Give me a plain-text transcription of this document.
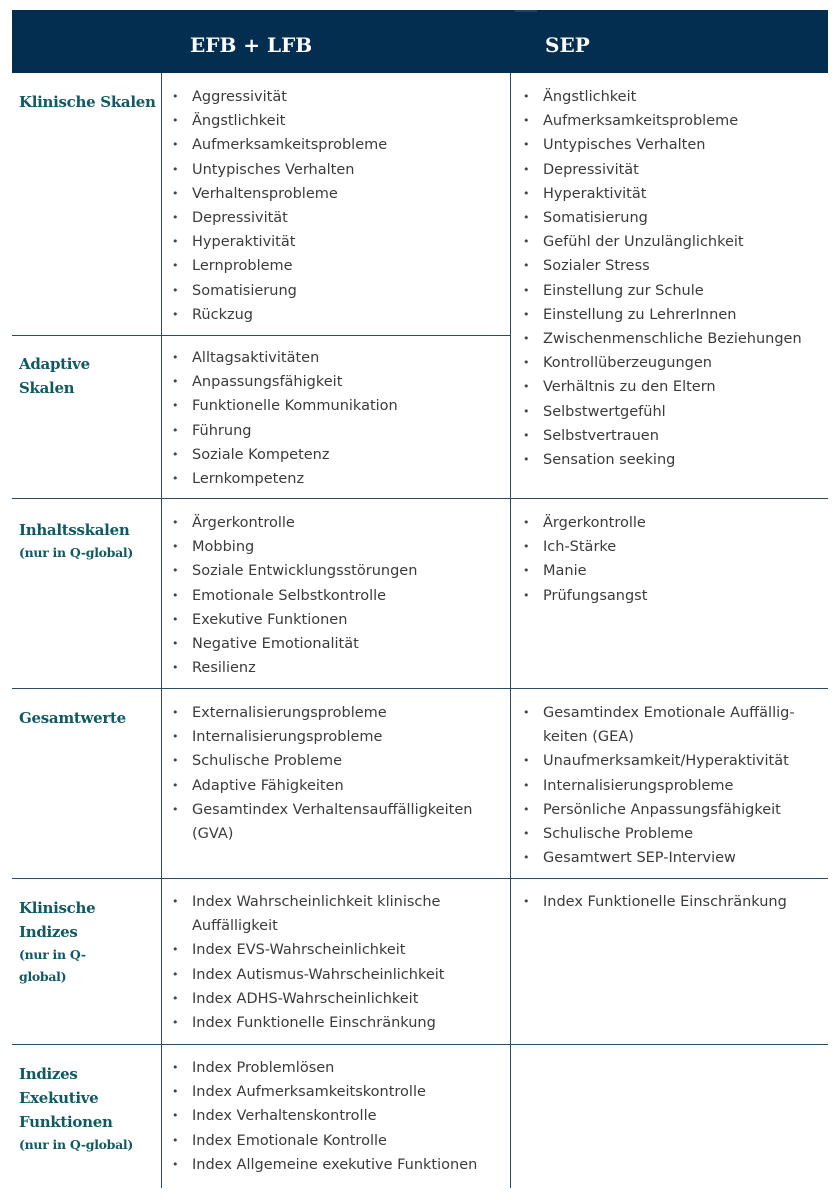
EFB + LFB	SEP
Klinische Skalen
Adaptive Skalen
Inhaltsskalen
(nur in Q-global)
Gesamtwerte
Klinische Indizes
(nur in Q-global)
Indizes Exekutive Funktionen
(nur in Q-global)
• Aggressivität
• Ängstlichkeit
• Aufmerksamkeitsprobleme
• Untypisches Verhalten
• Verhaltensprobleme
• Depressivität
• Hyperaktivität
• Lernprobleme
• Somatisierung
• Rückzug
• Ängstlichkeit
• Aufmerksamkeitsprobleme
• Untypisches Verhalten
• Depressivität
• Hyperaktivität
• Somatisierung
• Gefühl der Unzulänglichkeit
• Sozialer Stress
• Einstellung zur Schule
• Einstellung zu LehrerInnen
• Zwischenmenschliche Beziehungen
• Kontrollüberzeugungen
• Verhältnis zu den Eltern
• Selbstwertgefühl
• Selbstvertrauen
• Sensation seeking
• Alltagsaktivitäten
• Anpassungsfähigkeit
• Funktionelle Kommunikation
• Führung
• Soziale Kompetenz
• Lernkompetenz
• Ärgerkontrolle
• Mobbing
• Soziale Entwicklungsstörungen
• Emotionale Selbstkontrolle
• Exekutive Funktionen
• Negative Emotionalität
• Resilienz
• Ärgerkontrolle
• Ich-Stärke
• Manie
• Prüfungsangst
• Externalisierungsprobleme
• Internalisierungsprobleme
• Schulische Probleme
• Adaptive Fähigkeiten
• Gesamtindex Verhaltensauffälligkeiten (GVA)
• Gesamtindex Emotionale Auffälligkeiten (GEA)
• Unaufmerksamkeit/Hyperaktivität
• Internalisierungsprobleme
• Persönliche Anpassungsfähigkeit
• Schulische Probleme
• Gesamtwert SEP-Interview
• Index Wahrscheinlichkeit klinische Auffälligkeit
• Index EVS-Wahrscheinlichkeit
• Index Autismus-Wahrscheinlichkeit
• Index ADHS-Wahrscheinlichkeit
• Index Funktionelle Einschränkung
• Index Funktionelle Einschränkung
• Index Problemlösen
• Index Aufmerksamkeitskontrolle
• Index Verhaltenskontrolle
• Index Emotionale Kontrolle
• Index Allgemeine exekutive Funktionen
